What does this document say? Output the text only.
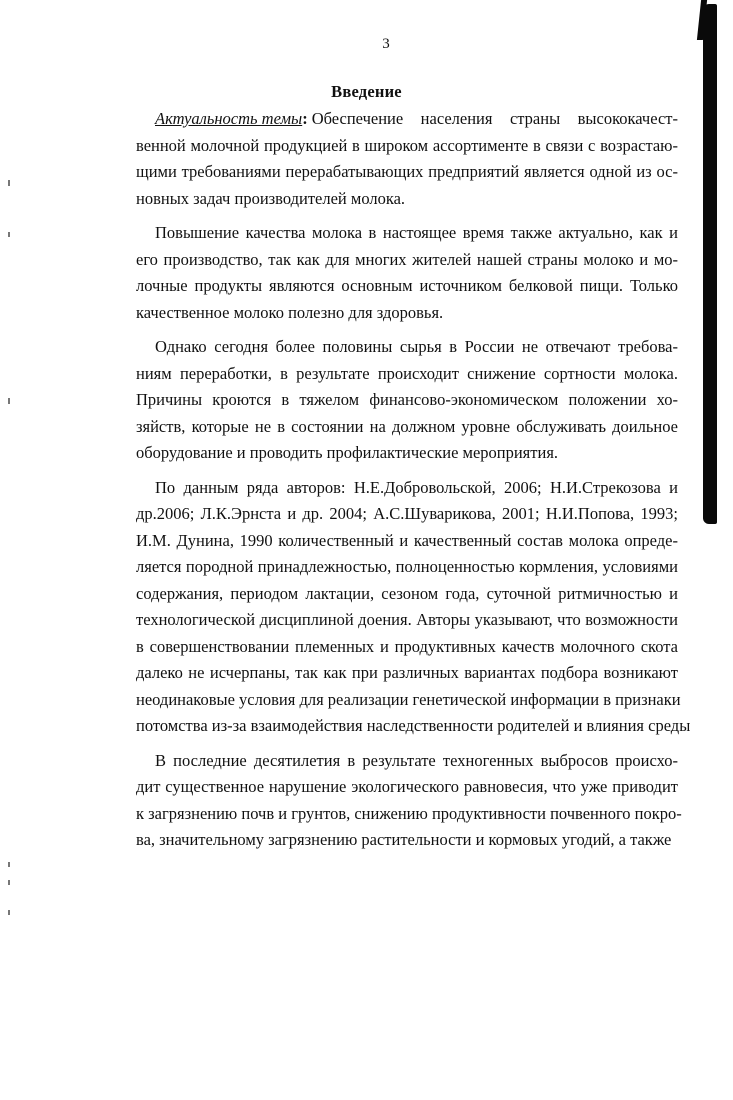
3
Введение
Актуальность темы: Обеспечение населения страны высококачест-
венной молочной продукцией в широком ассортименте в связи с возрастаю-
щими требованиями перерабатывающих предприятий является одной из ос-
новных задач производителей молока.
Повышение качества молока в настоящее время также актуально, как и
его производство, так как для многих жителей нашей страны молоко и мо-
лочные продукты являются основным источником белковой пищи. Только
качественное молоко полезно для здоровья.
Однако сегодня более половины сырья в России не отвечают требова-
ниям переработки, в результате происходит снижение сортности молока.
Причины кроются в тяжелом финансово-экономическом положении хо-
зяйств, которые не в состоянии на должном уровне обслуживать доильное
оборудование и проводить профилактические мероприятия.
По данным ряда авторов: Н.Е.Добровольской, 2006; Н.И.Стрекозова и
др.2006; Л.К.Эрнста и др. 2004; А.С.Шуварикова, 2001; Н.И.Попова, 1993;
И.М. Дунина, 1990 количественный и качественный состав молока опреде-
ляется породной принадлежностью, полноценностью кормления, условиями
содержания, периодом лактации, сезоном года, суточной ритмичностью и
технологической дисциплиной доения. Авторы указывают, что возможности
в совершенствовании племенных и продуктивных качеств молочного скота
далеко не исчерпаны, так как при различных вариантах подбора возникают
неодинаковые условия для реализации генетической информации в признаки
потомства из-за взаимодействия наследственности родителей и влияния среды
В последние десятилетия в результате техногенных выбросов происхо-
дит существенное нарушение экологического равновесия, что уже приводит
к загрязнению почв и грунтов, снижению продуктивности почвенного покро-
ва, значительному загрязнению растительности и кормовых угодий, а также
